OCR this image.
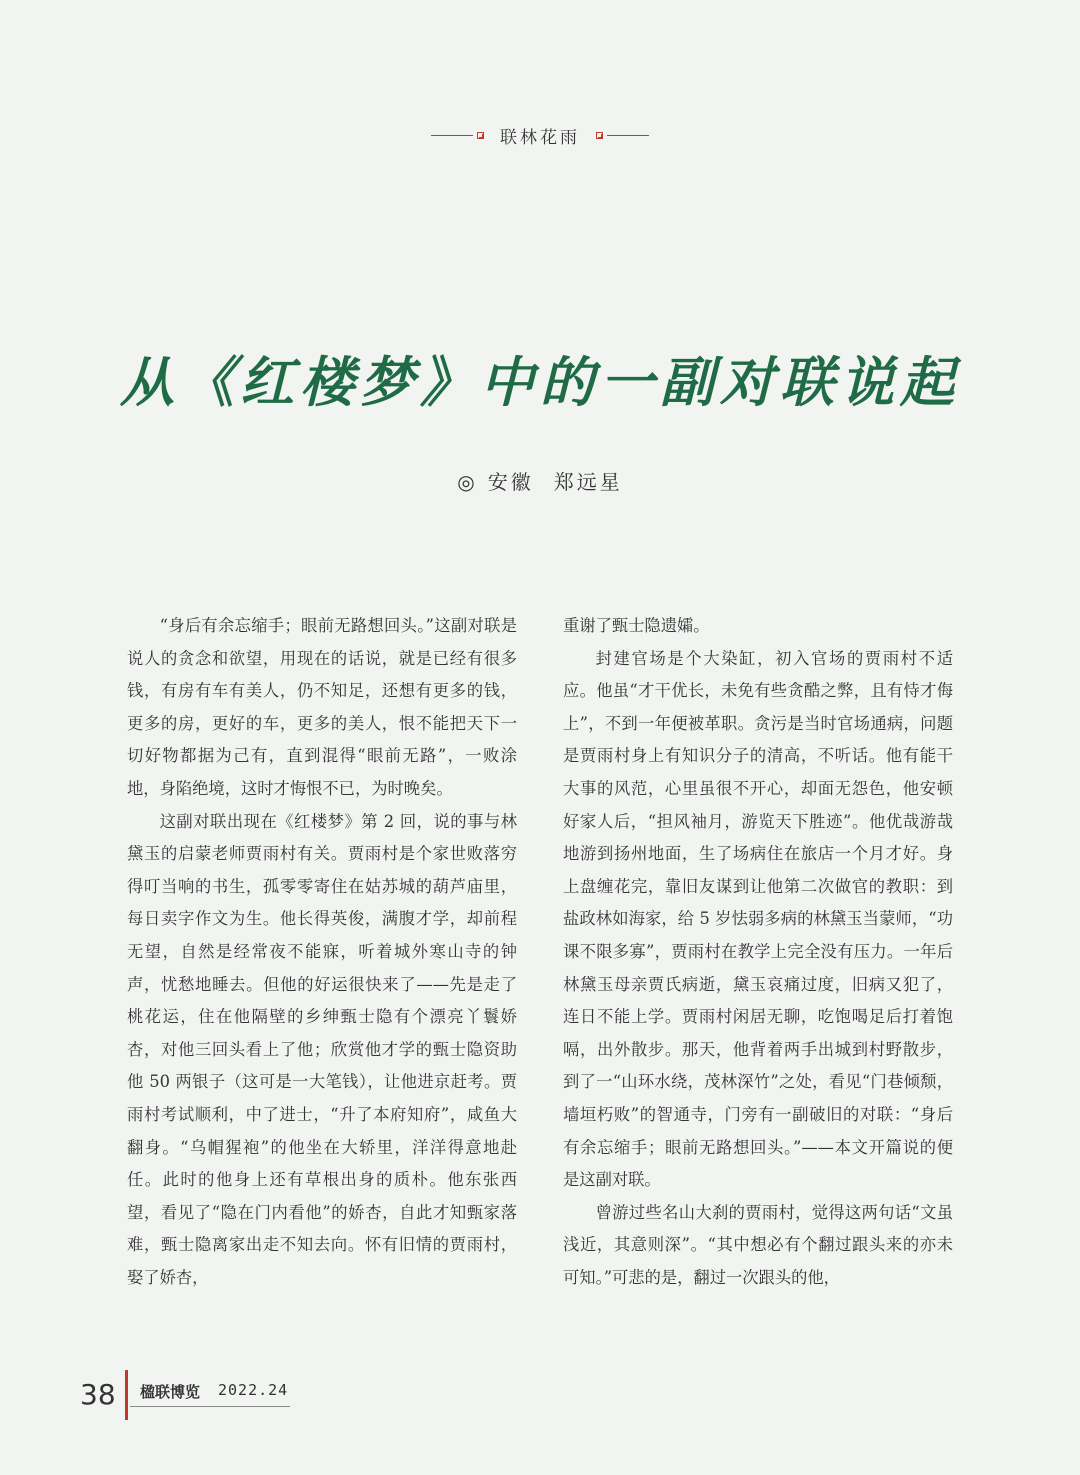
联林花雨
从《红楼梦》中的一副对联说起
◎ 安徽 郑远星

“身后有余忘缩手；眼前无路想回头。”这副对联是说人的贪念和欲望，用现在的话说，就是已经有很多钱，有房有车有美人，仍不知足，还想有更多的钱，更多的房，更好的车，更多的美人，恨不能把天下一切好物都据为己有，直到混得“眼前无路”，一败涂地，身陷绝境，这时才悔恨不已，为时晚矣。

这副对联出现在《红楼梦》第 2 回，说的事与林黛玉的启蒙老师贾雨村有关。贾雨村是个家世败落穷得叮当响的书生，孤零零寄住在姑苏城的葫芦庙里，每日卖字作文为生。他长得英俊，满腹才学，却前程无望，自然是经常夜不能寐，听着城外寒山寺的钟声，忧愁地睡去。但他的好运很快来了——先是走了桃花运，住在他隔壁的乡绅甄士隐有个漂亮丫鬟娇杏，对他三回头看上了他；欣赏他才学的甄士隐资助他 50 两银子（这可是一大笔钱），让他进京赶考。贾雨村考试顺利，中了进士，“升了本府知府”，咸鱼大翻身。“乌帽猩袍”的他坐在大轿里，洋洋得意地赴任。此时的他身上还有草根出身的质朴。他东张西望，看见了“隐在门内看他”的娇杏，自此才知甄家落难，甄士隐离家出走不知去向。怀有旧情的贾雨村，娶了娇杏，

重谢了甄士隐遗孀。

封建官场是个大染缸，初入官场的贾雨村不适应。他虽“才干优长，未免有些贪酷之弊，且有恃才侮上”，不到一年便被革职。贪污是当时官场通病，问题是贾雨村身上有知识分子的清高，不听话。他有能干大事的风范，心里虽很不开心，却面无怨色，他安顿好家人后，“担风袖月，游览天下胜迹”。他优哉游哉地游到扬州地面，生了场病住在旅店一个月才好。身上盘缠花完，靠旧友谋到让他第二次做官的教职：到盐政林如海家，给 5 岁怯弱多病的林黛玉当蒙师，“功课不限多寡”，贾雨村在教学上完全没有压力。一年后林黛玉母亲贾氏病逝，黛玉哀痛过度，旧病又犯了，连日不能上学。贾雨村闲居无聊，吃饱喝足后打着饱嗝，出外散步。那天，他背着两手出城到村野散步，到了一“山环水绕，茂林深竹”之处，看见“门巷倾颓，墙垣朽败”的智通寺，门旁有一副破旧的对联：“身后有余忘缩手；眼前无路想回头。”——本文开篇说的便是这副对联。

曾游过些名山大刹的贾雨村，觉得这两句话“文虽浅近，其意则深”。“其中想必有个翻过跟头来的亦未可知。”可悲的是，翻过一次跟头的他，

38 楹联博览 2022.24
